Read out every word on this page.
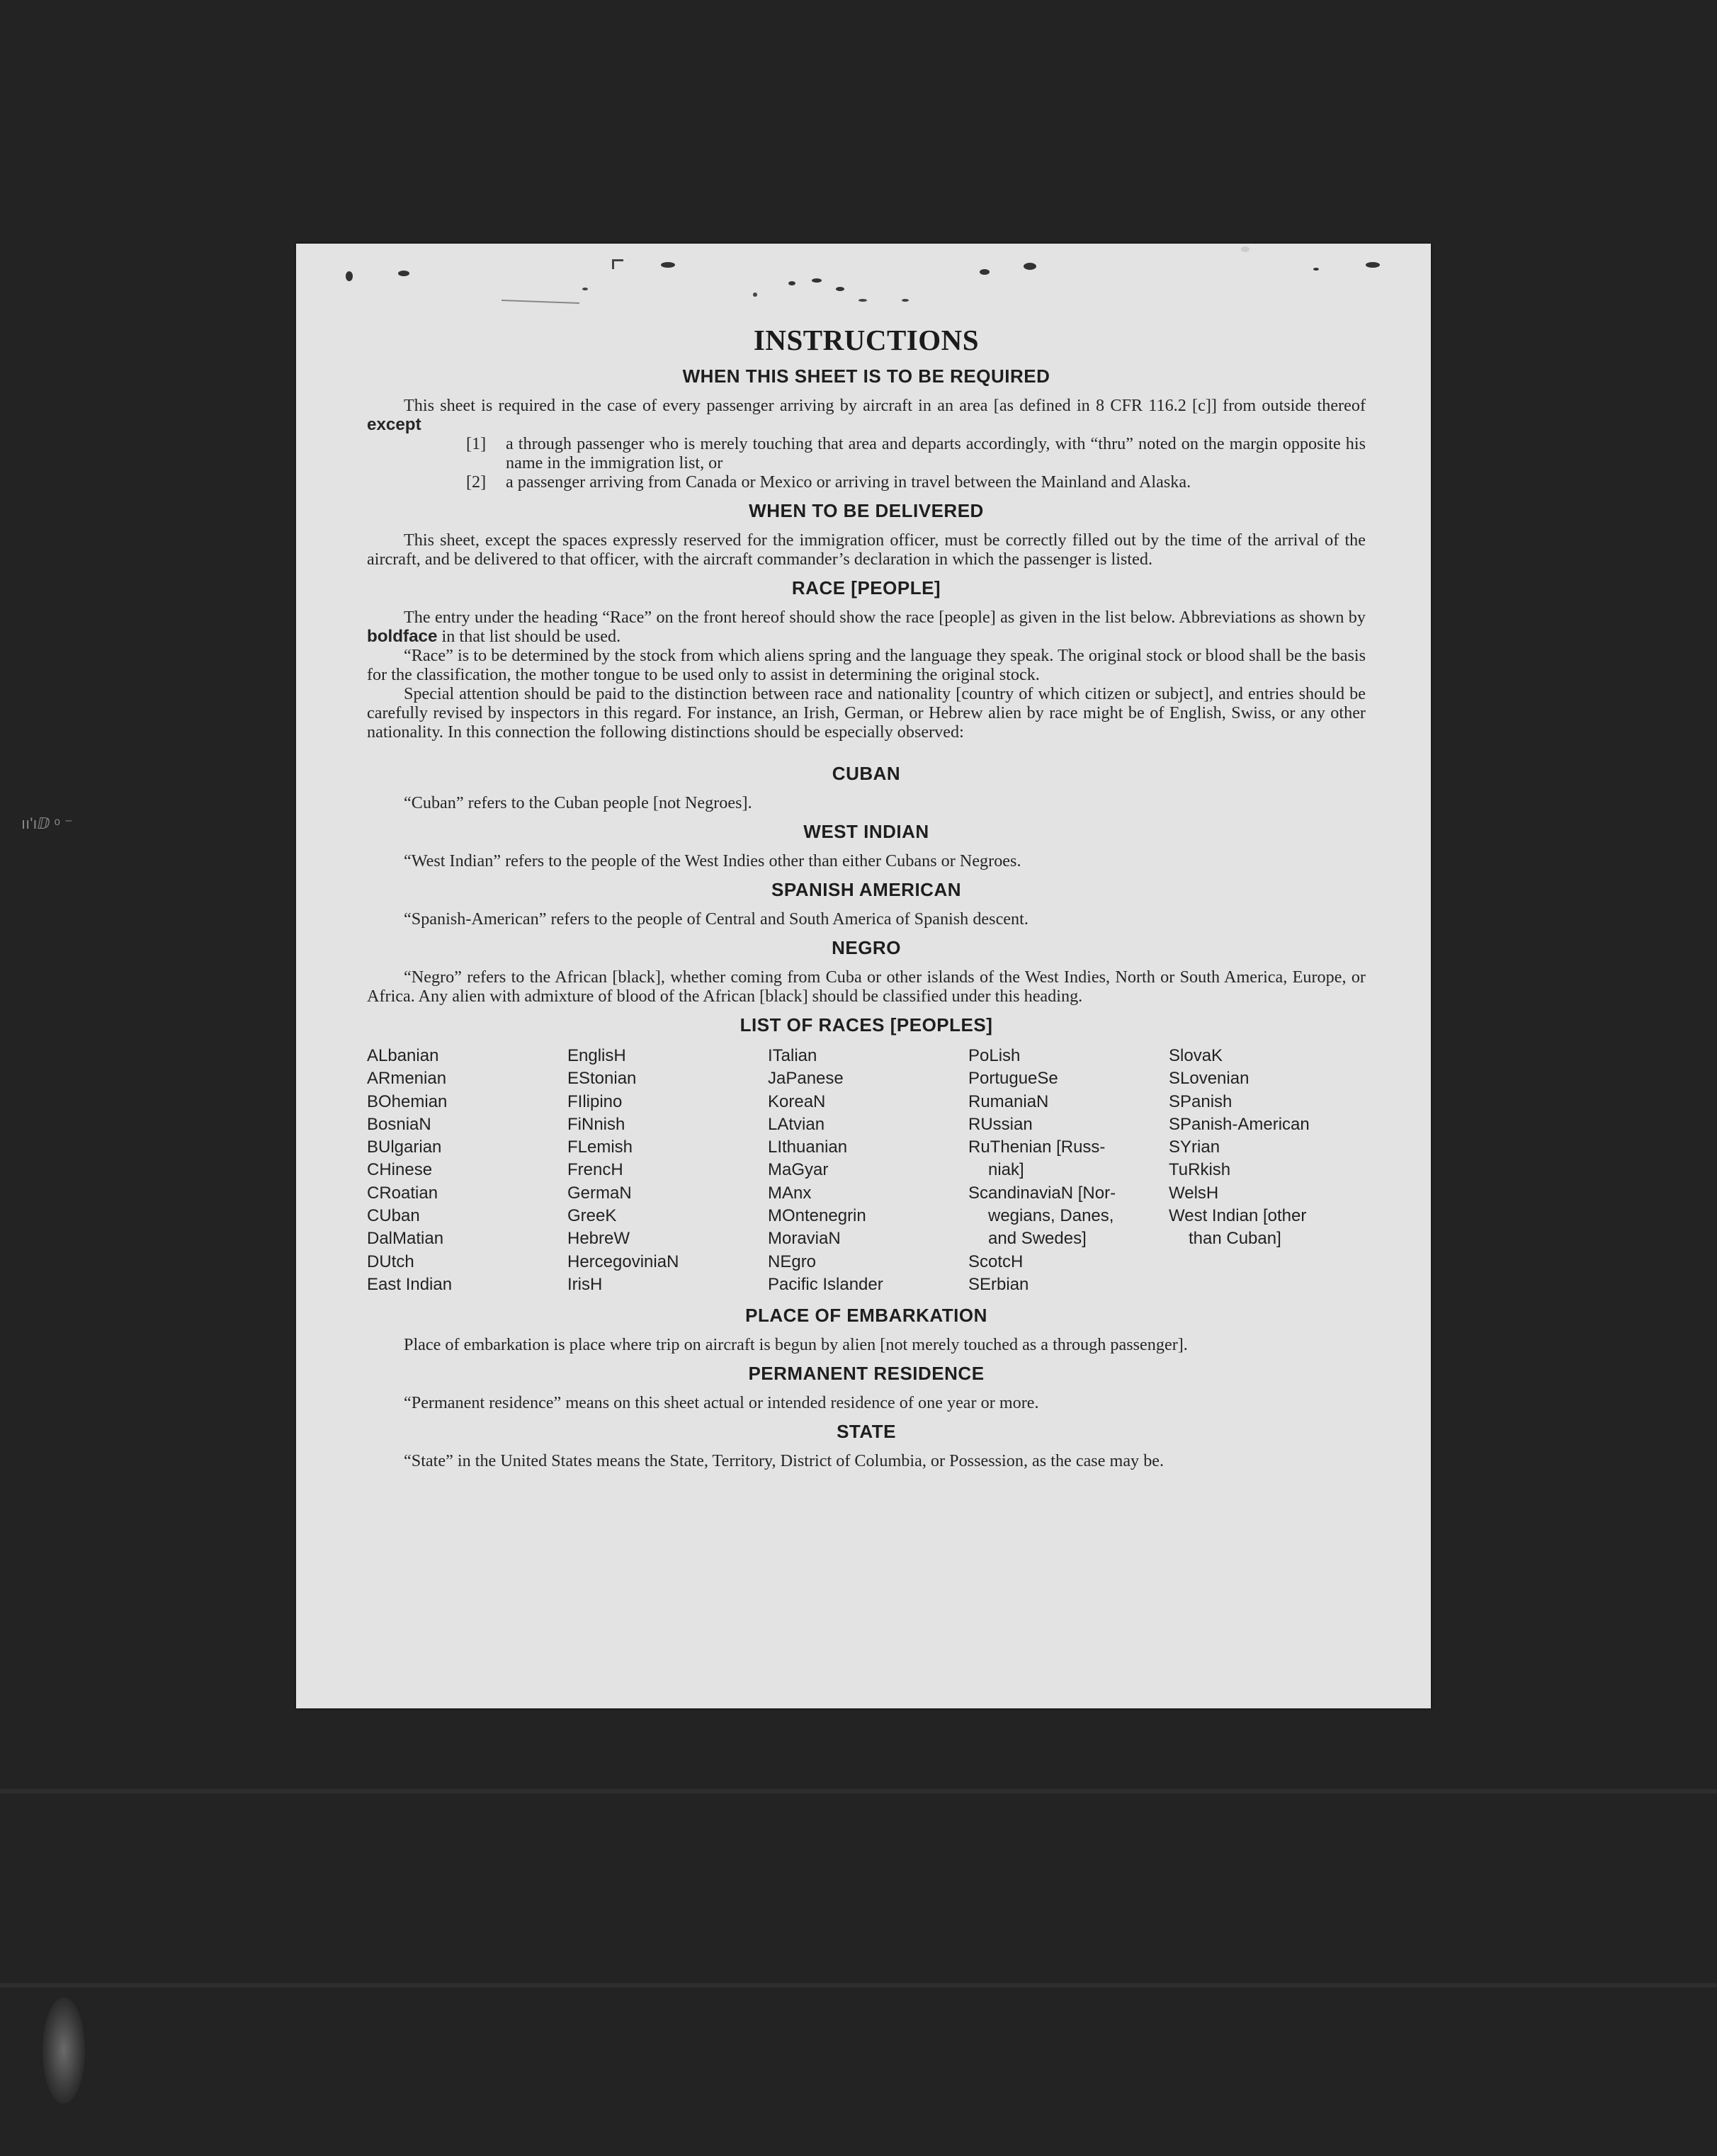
ıı'ıⅅ ᵒ ⁻
INSTRUCTIONS
WHEN THIS SHEET IS TO BE REQUIRED

This sheet is required in the case of every passenger arriving by aircraft in an area [as defined in 8 CFR 116.2 [c]] from outside thereof except

[1] a through passenger who is merely touching that area and departs accordingly, with “thru” noted on the margin opposite his name in the immigration list, or
[2] a passenger arriving from Canada or Mexico or arriving in travel between the Mainland and Alaska.
WHEN TO BE DELIVERED

This sheet, except the spaces expressly reserved for the immigration officer, must be correctly filled out by the time of the arrival of the aircraft, and be delivered to that officer, with the aircraft commander’s declaration in which the passenger is listed.

RACE [PEOPLE]

The entry under the heading “Race” on the front hereof should show the race [people] as given in the list below. Abbreviations as shown by boldface in that list should be used.

“Race” is to be determined by the stock from which aliens spring and the language they speak. The original stock or blood shall be the basis for the classification, the mother tongue to be used only to assist in determining the original stock.

Special attention should be paid to the distinction between race and nationality [country of which citizen or subject], and entries should be carefully revised by inspectors in this regard. For instance, an Irish, German, or Hebrew alien by race might be of English, Swiss, or any other nationality. In this connection the following distinctions should be especially observed:

CUBAN

“Cuban” refers to the Cuban people [not Negroes].

WEST INDIAN

“West Indian” refers to the people of the West Indies other than either Cubans or Negroes.

SPANISH AMERICAN

“Spanish-American” refers to the people of Central and South America of Spanish descent.

NEGRO

“Negro” refers to the African [black], whether coming from Cuba or other islands of the West Indies, North or South America, Europe, or Africa. Any alien with admixture of blood of the African [black] should be classified under this heading.

LIST OF RACES [PEOPLES]
ALbanian
ARmenian
BOhemian
BosniaN
BUlgarian
CHinese
CRoatian
CUban
DalMatian
DUtch
East Indian
EnglisH
EStonian
FIlipino
FiNnish
FLemish
FrencH
GermaN
GreeK
HebreW
HercegoviniaN
IrisH
ITalian
JaPanese
KoreaN
LAtvian
LIthuanian
MaGyar
MAnx
MOntenegrin
MoraviaN
NEgro
Pacific Islander
PoLish
PortugueSe
RumaniaN
RUssian
RuThenian [Russ-
niak]
ScandinaviaN [Nor-
wegians, Danes,
and Swedes]
ScotcH
SErbian
SlovaK
SLovenian
SPanish
SPanish-American
SYrian
TuRkish
WelsH
West Indian [other
than Cuban]
PLACE OF EMBARKATION

Place of embarkation is place where trip on aircraft is begun by alien [not merely touched as a through passenger].

PERMANENT RESIDENCE

“Permanent residence” means on this sheet actual or intended residence of one year or more.

STATE

“State” in the United States means the State, Territory, District of Columbia, or Possession, as the case may be.
